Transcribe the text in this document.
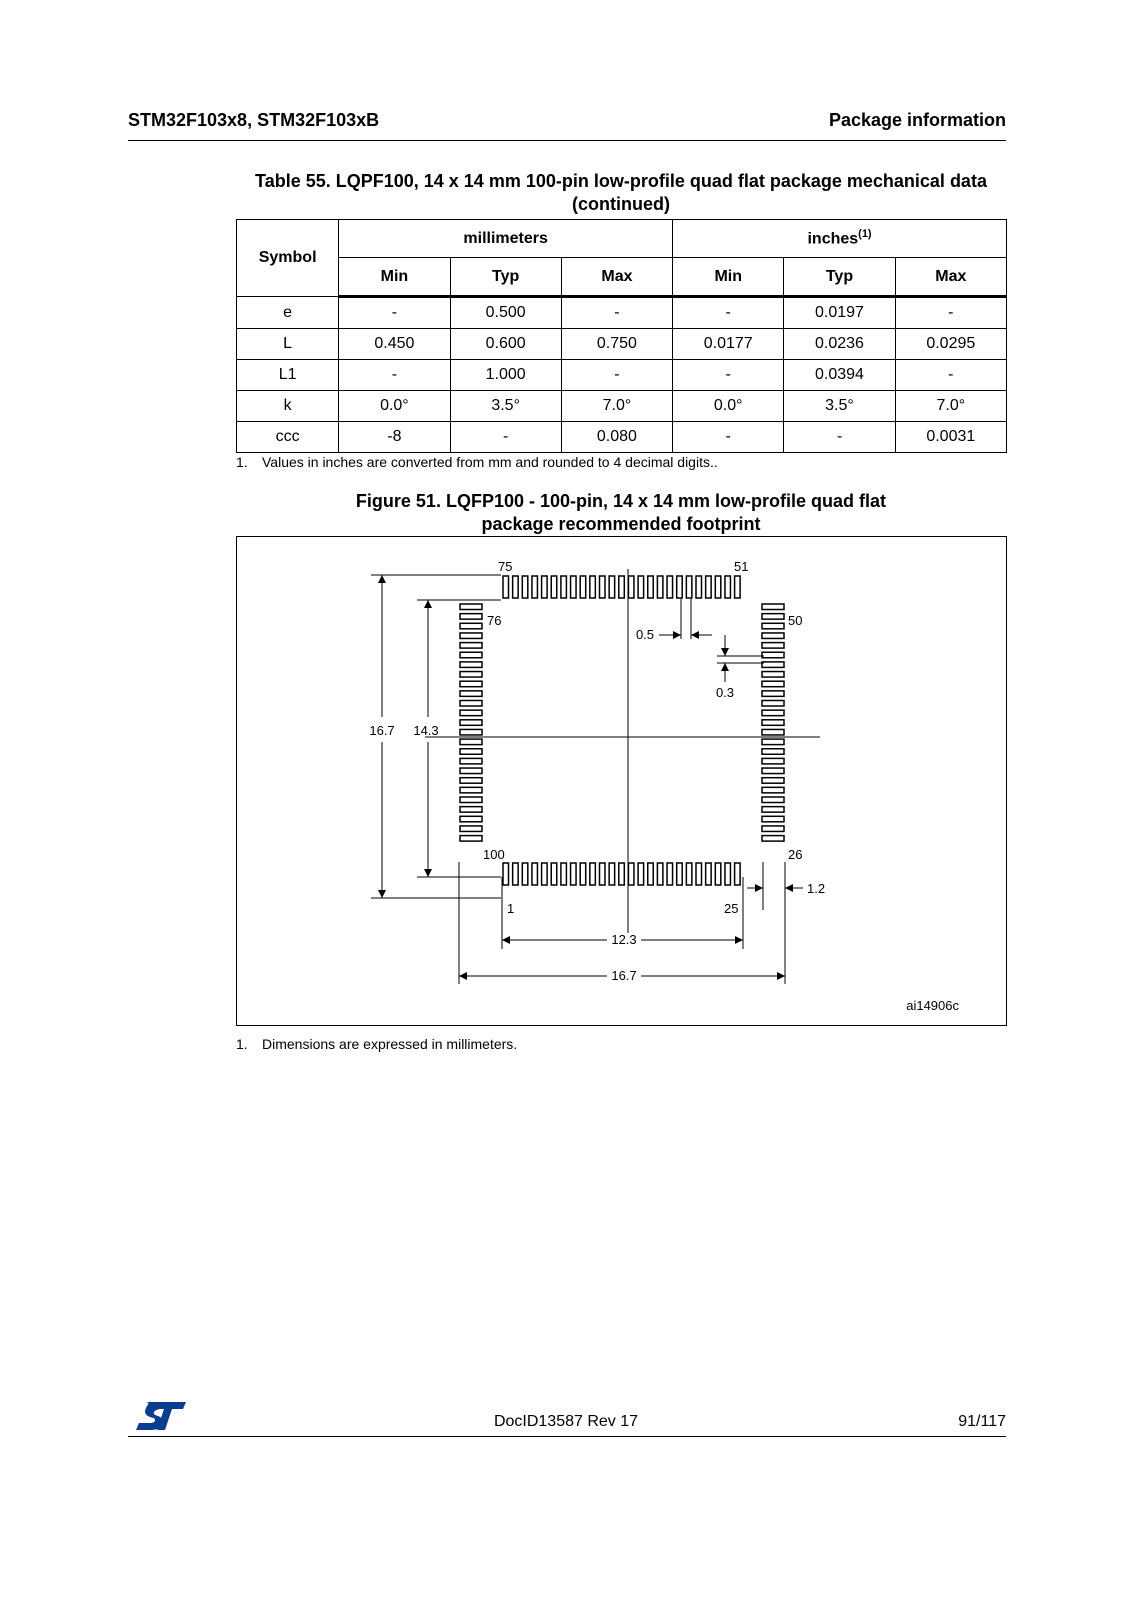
STM32F103x8, STM32F103xB	Package information
Table 55. LQPF100, 14 x 14 mm 100-pin low-profile quad flat package mechanical data
(continued)
Symbol	millimeters			inches$^{(1)}$
	Min	Typ	Max	Min	Typ	Max
e	-	0.500	-	-	0.0197	-
L	0.450	0.600	0.750	0.0177	0.0236	0.0295
L1	-	1.000	-	-	0.0394	-
k	0.0°	3.5°	7.0°	0.0°	3.5°	7.0°
ccc	-8	-	0.080	-	-	0.0031
1. Values in inches are converted from mm and rounded to 4 decimal digits..
Figure 51. LQFP100 - 100-pin, 14 x 14 mm low-profile quad flat
package recommended footprint
16.7 14.3
0.5
0.3
1.2
12.3
16.7
75	51
76	50
100	26
1	25
ai14906c
1. Dimensions are expressed in millimeters.
DocID13587 Rev 17	91/117
